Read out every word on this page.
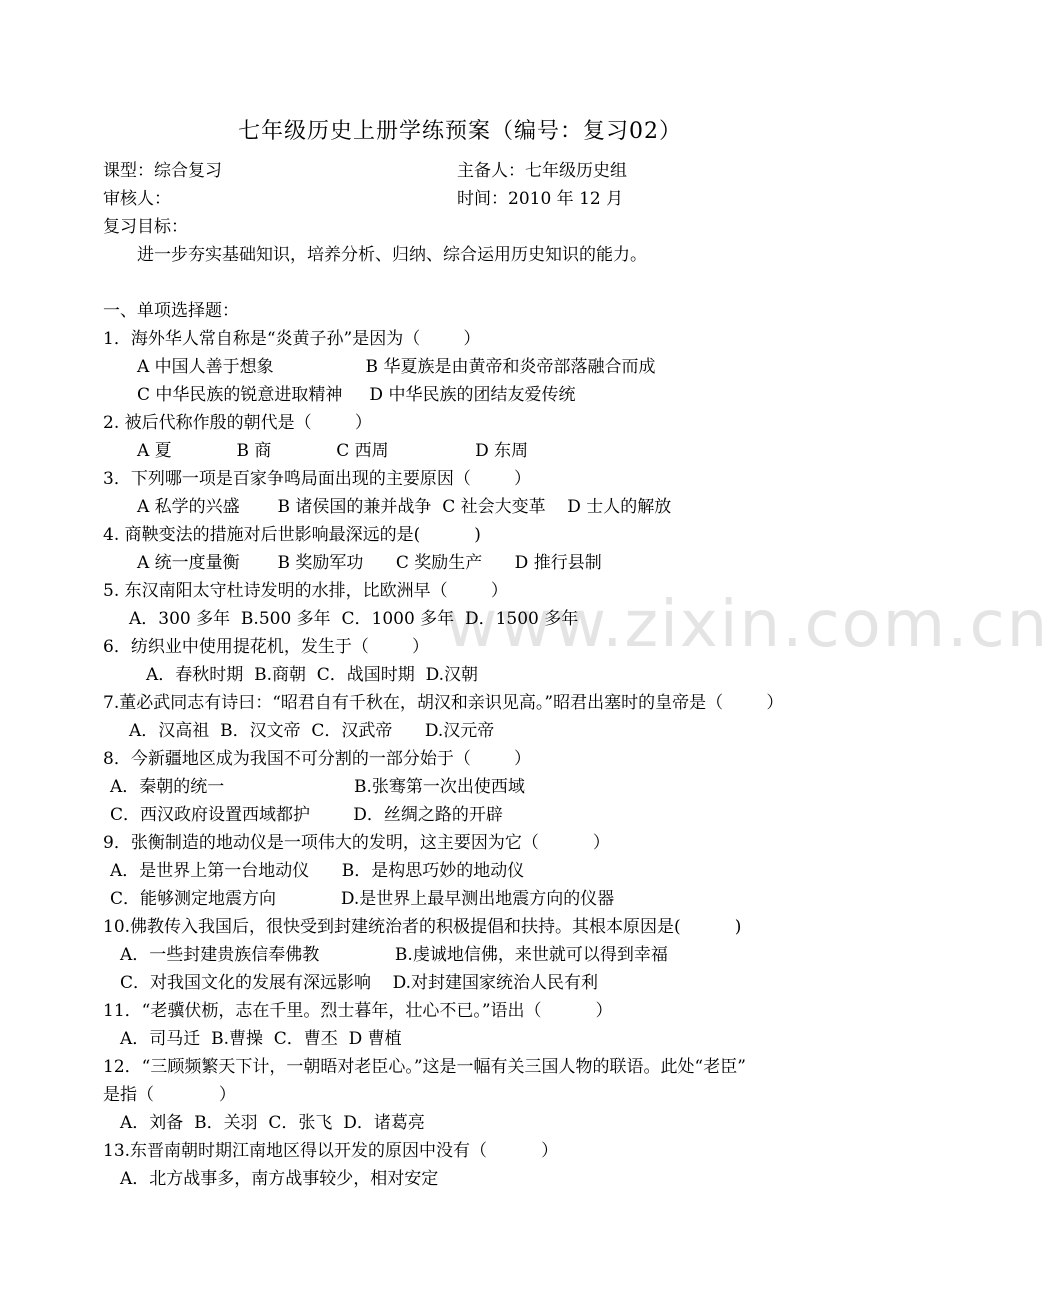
www.zixin.com.cn
七年级历史上册学练预案（编号：复习02）
课型：综合复习	主备人：七年级历史组
审核人：	时间：2010 年 12 月
复习目标：
进一步夯实基础知识，培养分析、归纳、综合运用历史知识的能力。
一、单项选择题：
1．海外华人常自称是“炎黄子孙”是因为（        ）
A 中国人善于想象                 B 华夏族是由黄帝和炎帝部落融合而成
C 中华民族的锐意进取精神     D 中华民族的团结友爱传统
2. 被后代称作殷的朝代是（        ）
A 夏            B 商            C 西周                D 东周
3．下列哪一项是百家争鸣局面出现的主要原因（        ）
A 私学的兴盛       B 诸侯国的兼并战争  C 社会大变革    D 士人的解放
4. 商鞅变法的措施对后世影响最深远的是(          )
A 统一度量衡       B 奖励军功      C 奖励生产      D 推行县制
5. 东汉南阳太守杜诗发明的水排，比欧洲早（        ）
A．300 多年  B.500 多年  C．1000 多年  D．1500 多年
6．纺织业中使用提花机，发生于（        ）
A．春秋时期  B.商朝  C．战国时期  D.汉朝
7.董必武同志有诗曰：“昭君自有千秋在，胡汉和亲识见高。”昭君出塞时的皇帝是（        ）
A．汉高祖  B．汉文帝  C．汉武帝      D.汉元帝
8．今新疆地区成为我国不可分割的一部分始于（        ）
A．秦朝的统一                        B.张骞第一次出使西域
C．西汉政府设置西域都护        D．丝绸之路的开辟
9．张衡制造的地动仪是一项伟大的发明，这主要因为它（          ）
A．是世界上第一台地动仪      B．是构思巧妙的地动仪
C．能够测定地震方向            D.是世界上最早测出地震方向的仪器
10.佛教传入我国后，很快受到封建统治者的积极提倡和扶持。其根本原因是(          )
A．一些封建贵族信奉佛教              B.虔诚地信佛，来世就可以得到幸福
C．对我国文化的发展有深远影响    D.对封建国家统治人民有利
11．“老骥伏枥，志在千里。烈士暮年，壮心不已。”语出（          ）
A．司马迁  B.曹操  C．曹丕  D 曹植
12．“三顾频繁天下计，一朝晤对老臣心。”这是一幅有关三国人物的联语。此处“老臣”
是指（            ）
A．刘备  B．关羽  C．张飞  D．诸葛亮
13.东晋南朝时期江南地区得以开发的原因中没有（          ）
A．北方战事多，南方战事较少，相对安定
